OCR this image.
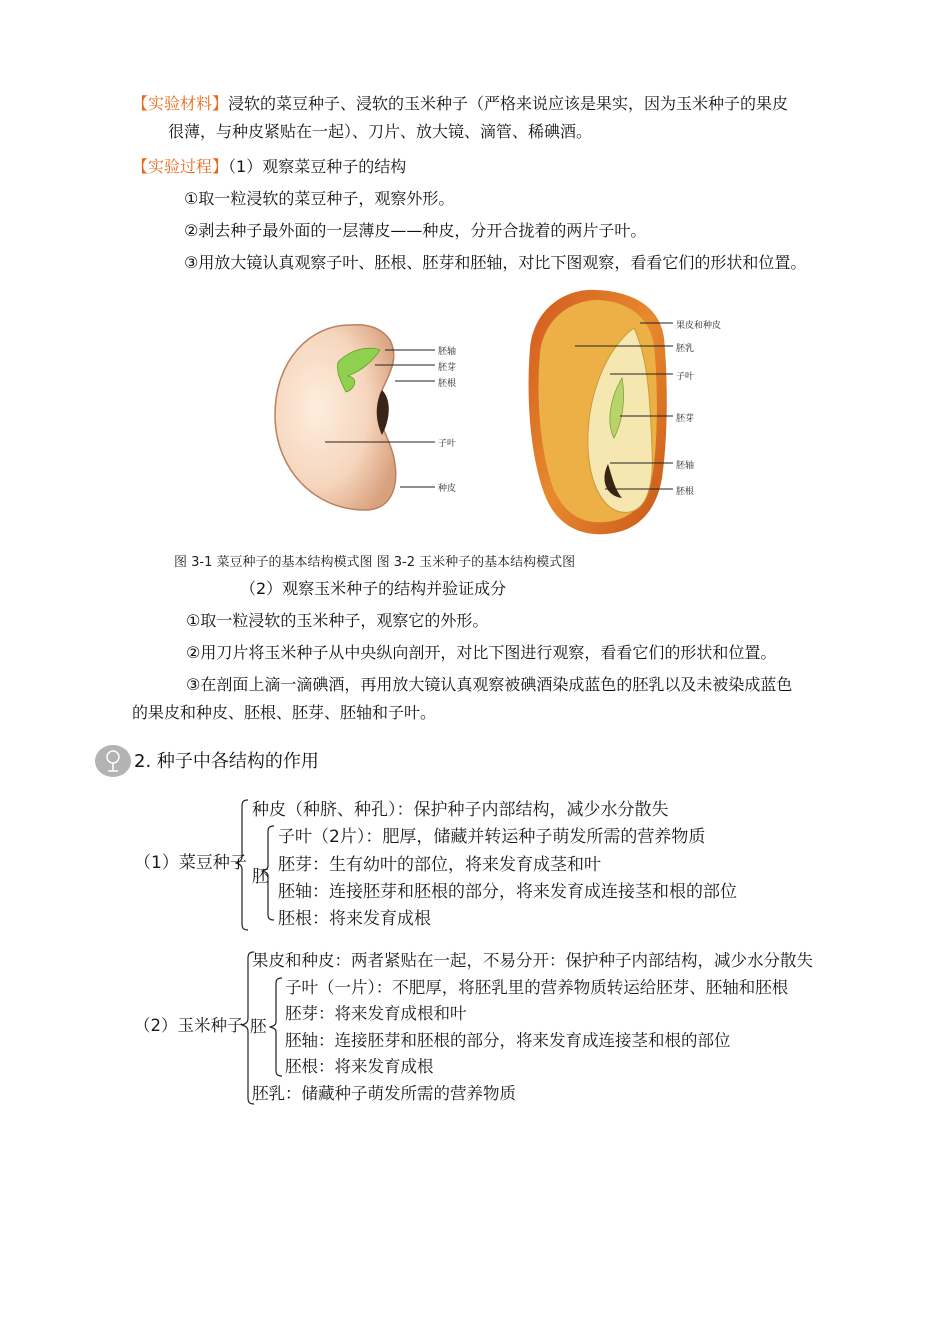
【实验材料】浸软的菜豆种子、浸软的玉米种子（严格来说应该是果实，因为玉米种子的果皮
很薄，与种皮紧贴在一起）、刀片、放大镜、滴管、稀碘酒。
【实验过程】（1）观察菜豆种子的结构
①取一粒浸软的菜豆种子，观察外形。
②剥去种子最外面的一层薄皮——种皮，分开合拢着的两片子叶。
③用放大镜认真观察子叶、胚根、胚芽和胚轴，对比下图观察，看看它们的形状和位置。
胚轴
胚芽
胚根
子叶
种皮
果皮和种皮
胚乳
子叶
胚芽
胚轴
胚根
图 3-1 菜豆种子的基本结构模式图 图 3-2 玉米种子的基本结构模式图
（2）观察玉米种子的结构并验证成分
①取一粒浸软的玉米种子，观察它的外形。
②用刀片将玉米种子从中央纵向剖开，对比下图进行观察，看看它们的形状和位置。
③在剖面上滴一滴碘酒，再用放大镜认真观察被碘酒染成蓝色的胚乳以及未被染成蓝色
的果皮和种皮、胚根、胚芽、胚轴和子叶。
2. 种子中各结构的作用
（1）菜豆种子
种皮（种脐、种孔）：保护种子内部结构，减少水分散失
胚
子叶（2片）：肥厚，储藏并转运种子萌发所需的营养物质
胚芽：生有幼叶的部位，将来发育成茎和叶
胚轴：连接胚芽和胚根的部分，将来发育成连接茎和根的部位
胚根：将来发育成根
（2）玉米种子
果皮和种皮：两者紧贴在一起，不易分开：保护种子内部结构，减少水分散失
胚
子叶（一片）：不肥厚，将胚乳里的营养物质转运给胚芽、胚轴和胚根
胚芽：将来发育成根和叶
胚轴：连接胚芽和胚根的部分，将来发育成连接茎和根的部位
胚根：将来发育成根
胚乳：储藏种子萌发所需的营养物质
